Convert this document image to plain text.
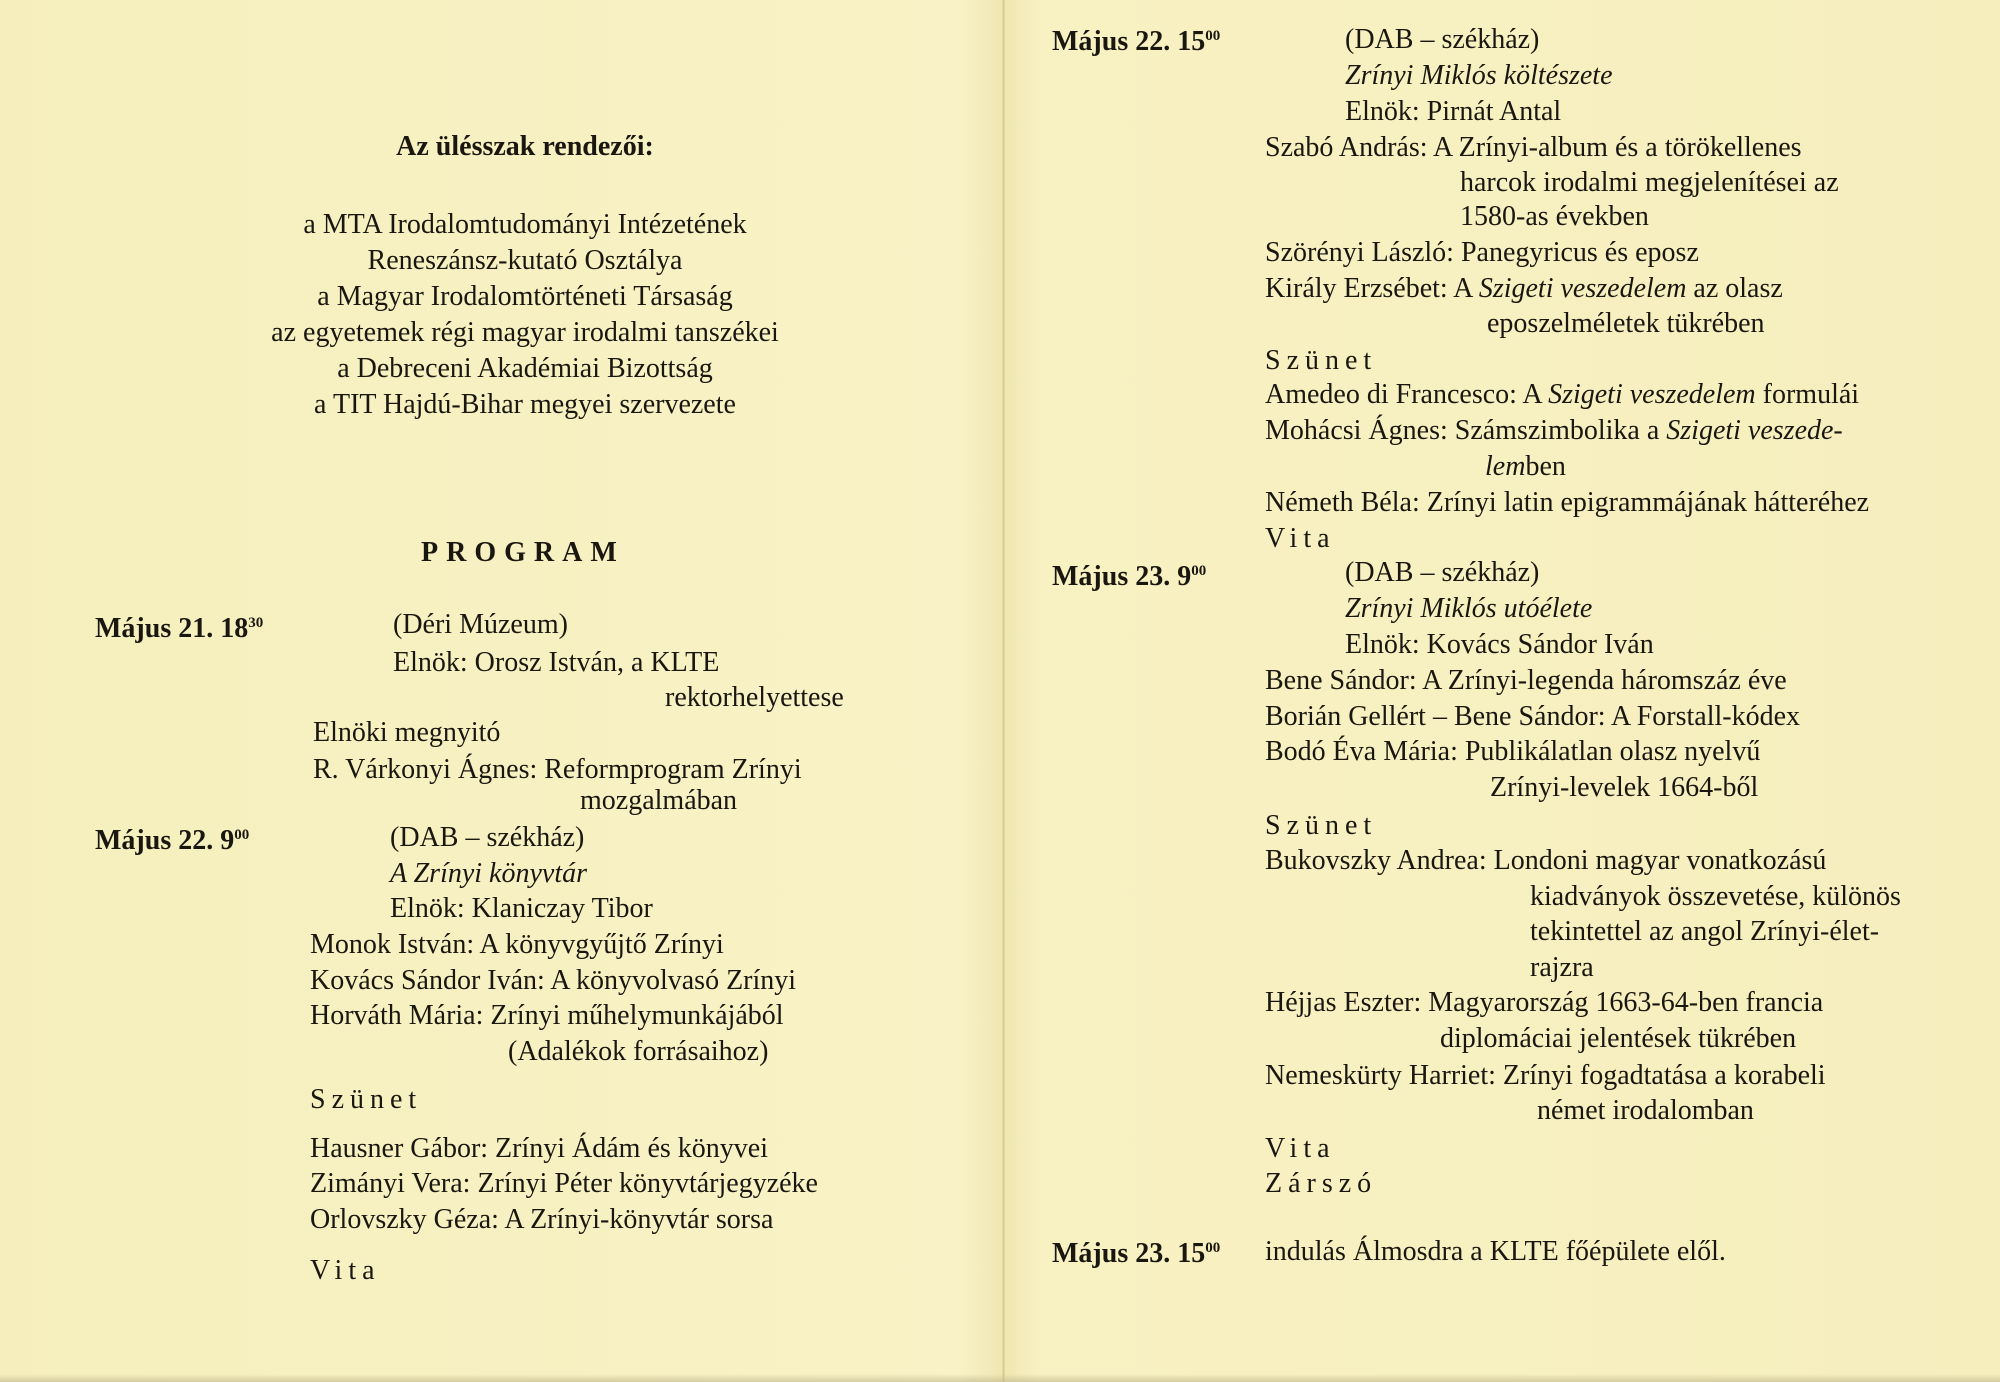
Az ülésszak rendezői:

a MTA Irodalomtudományi Intézetének

Reneszánsz-kutató Osztálya

a Magyar Irodalomtörténeti Társaság

az egyetemek régi magyar irodalmi tanszékei

a Debreceni Akadémiai Bizottság

a TIT Hajdú-Bihar megyei szervezete

PROGRAM

Május 21. $18^{30}$	(Déri Múzeum)

Elnök: Orosz István, a KLTE

rektorhelyettese

Elnöki megnyitó

R. Várkonyi Ágnes: Reformprogram Zrínyi

mozgalmában

Május 22. $9^{00}$	(DAB – székház)

A Zrínyi könyvtár

Elnök: Klaniczay Tibor

Monok István: A könyvgyűjtő Zrínyi

Kovács Sándor Iván: A könyvolvasó Zrínyi

Horváth Mária: Zrínyi műhelymunkájából

(Adalékok forrásaihoz)

Szünet

Hausner Gábor: Zrínyi Ádám és könyvei

Zimányi Vera: Zrínyi Péter könyvtárjegyzéke

Orlovszky Géza: A Zrínyi-könyvtár sorsa

Vita

Május 22. $15^{00}$	(DAB – székház)

Zrínyi Miklós költészete

Elnök: Pirnát Antal

Szabó András: A Zrínyi-album és a törökellenes

harcok irodalmi megjelenítései az

1580-as években

Szörényi László: Panegyricus és eposz

Király Erzsébet: A Szigeti veszedelem az olasz

eposzelméletek tükrében

Szünet

Amedeo di Francesco: A Szigeti veszedelem formulái

Mohácsi Ágnes: Számszimbolika a Szigeti veszede-

lemben

Németh Béla: Zrínyi latin epigrammájának hátteréhez

Vita

Május 23. $9^{00}$	(DAB – székház)

Zrínyi Miklós utóélete

Elnök: Kovács Sándor Iván

Bene Sándor: A Zrínyi-legenda háromszáz éve

Borián Gellért – Bene Sándor: A Forstall-kódex

Bodó Éva Mária: Publikálatlan olasz nyelvű

Zrínyi-levelek 1664-ből

Szünet

Bukovszky Andrea: Londoni magyar vonatkozású

kiadványok összevetése, különös

tekintettel az angol Zrínyi-élet-

rajzra

Héjjas Eszter: Magyarország 1663-64-ben francia

diplomáciai jelentések tükrében

Nemeskürty Harriet: Zrínyi fogadtatása a korabeli

német irodalomban

Vita

Zárszó

Május 23. $15^{00}$ indulás Álmosdra a KLTE főépülete elől.
